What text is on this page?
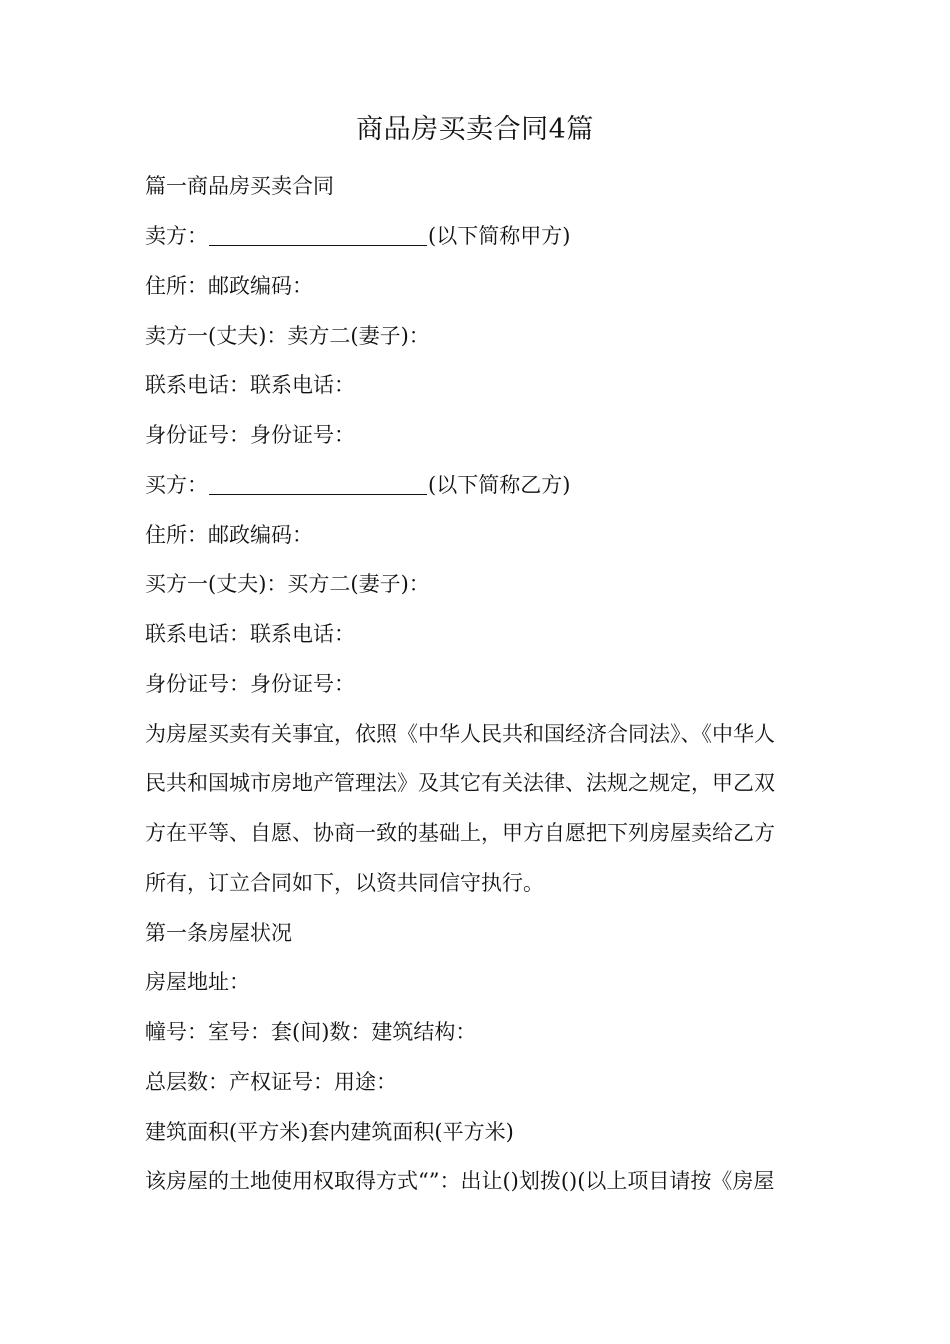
商品房买卖合同4篇
篇一商品房买卖合同
卖方：	(以下简称甲方)
住所：邮政编码：
卖方一(丈夫)：卖方二(妻子)：
联系电话：联系电话：
身份证号：身份证号：
买方：	(以下简称乙方)
住所：邮政编码：
买方一(丈夫)：买方二(妻子)：
联系电话：联系电话：
身份证号：身份证号：
为房屋买卖有关事宜，依照《中华人民共和国经济合同法》、《中华人
民共和国城市房地产管理法》及其它有关法律、法规之规定，甲乙双
方在平等、自愿、协商一致的基础上，甲方自愿把下列房屋卖给乙方
所有，订立合同如下，以资共同信守执行。
第一条房屋状况
房屋地址：
幢号：室号：套(间)数：建筑结构：
总层数：产权证号：用途：
建筑面积(平方米)套内建筑面积(平方米)
该房屋的土地使用权取得方式“”：出让()划拨()(以上项目请按《房屋
